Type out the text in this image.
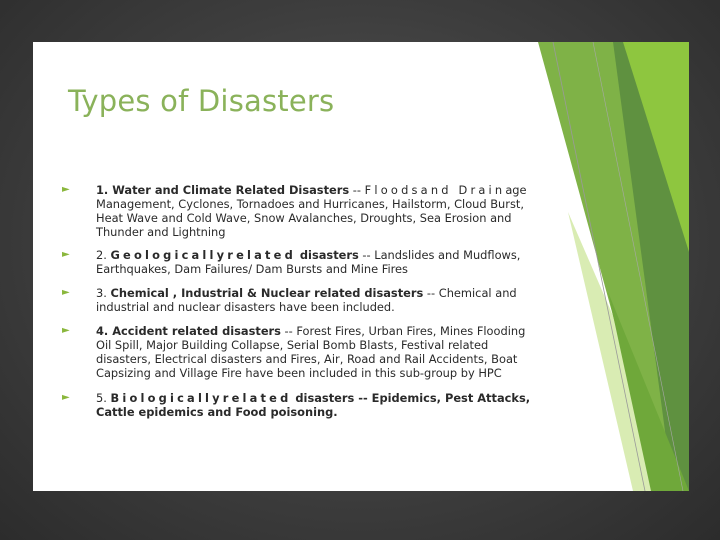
Types of Disasters
►	1. Water and Climate Related Disasters -- Floodsand Drainage Management, Cyclones, Tornadoes and Hurricanes, Hailstorm, Cloud Burst, Heat Wave and Cold Wave, Snow Avalanches, Droughts, Sea Erosion and Thunder and Lightning
►	2. Geologicallyrelated disasters -- Landslides and Mudflows, Earthquakes, Dam Failures/ Dam Bursts and Mine Fires
►	3. Chemical , Industrial & Nuclear related disasters -- Chemical and industrial and nuclear disasters have been included.
►	4. Accident related disasters -- Forest Fires, Urban Fires, Mines Flooding Oil Spill, Major Building Collapse, Serial Bomb Blasts, Festival related disasters, Electrical disasters and Fires, Air, Road and Rail Accidents, Boat Capsizing and Village Fire have been included in this sub-group by HPC
►	5. Biologicallyrelated disasters -- Epidemics, Pest Attacks, Cattle epidemics and Food poisoning.
